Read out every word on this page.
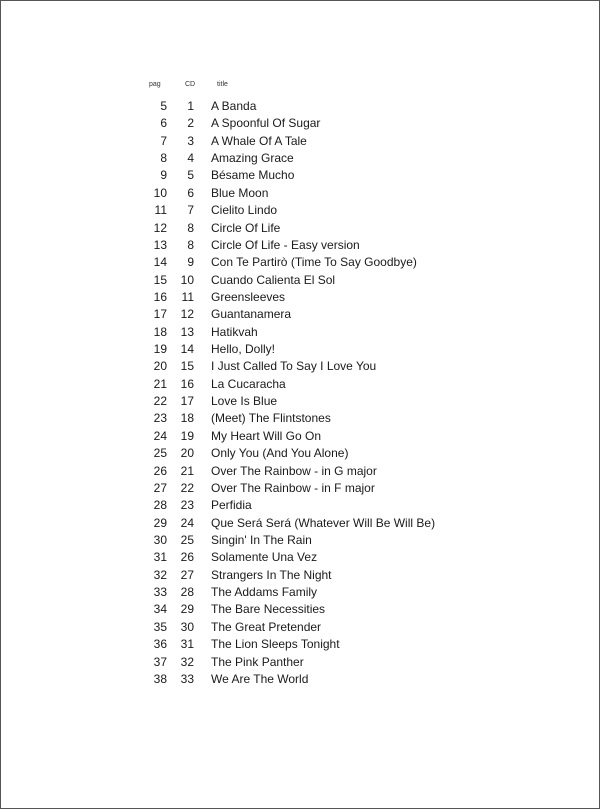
pag	CD	title
5	1 A Banda
6	2 A Spoonful Of Sugar
7	3 A Whale Of A Tale
8	4 Amazing Grace
9	5 Bésame Mucho
10	6 Blue Moon
11	7 Cielito Lindo
12	8 Circle Of Life
13	8 Circle Of Life - Easy version
14	9 Con Te Partirò (Time To Say Goodbye)
15	10 Cuando Calienta El Sol
16	11 Greensleeves
17	12 Guantanamera
18	13 Hatikvah
19	14 Hello, Dolly!
20	15 I Just Called To Say I Love You
21	16 La Cucaracha
22	17 Love Is Blue
23	18 (Meet) The Flintstones
24	19 My Heart Will Go On
25	20 Only You (And You Alone)
26	21 Over The Rainbow - in G major
27	22 Over The Rainbow - in F major
28	23 Perfidia
29	24 Que Será Será (Whatever Will Be Will Be)
30	25 Singin' In The Rain
31	26 Solamente Una Vez
32	27 Strangers In The Night
33	28 The Addams Family
34	29 The Bare Necessities
35	30 The Great Pretender
36	31 The Lion Sleeps Tonight
37	32 The Pink Panther
38	33 We Are The World
